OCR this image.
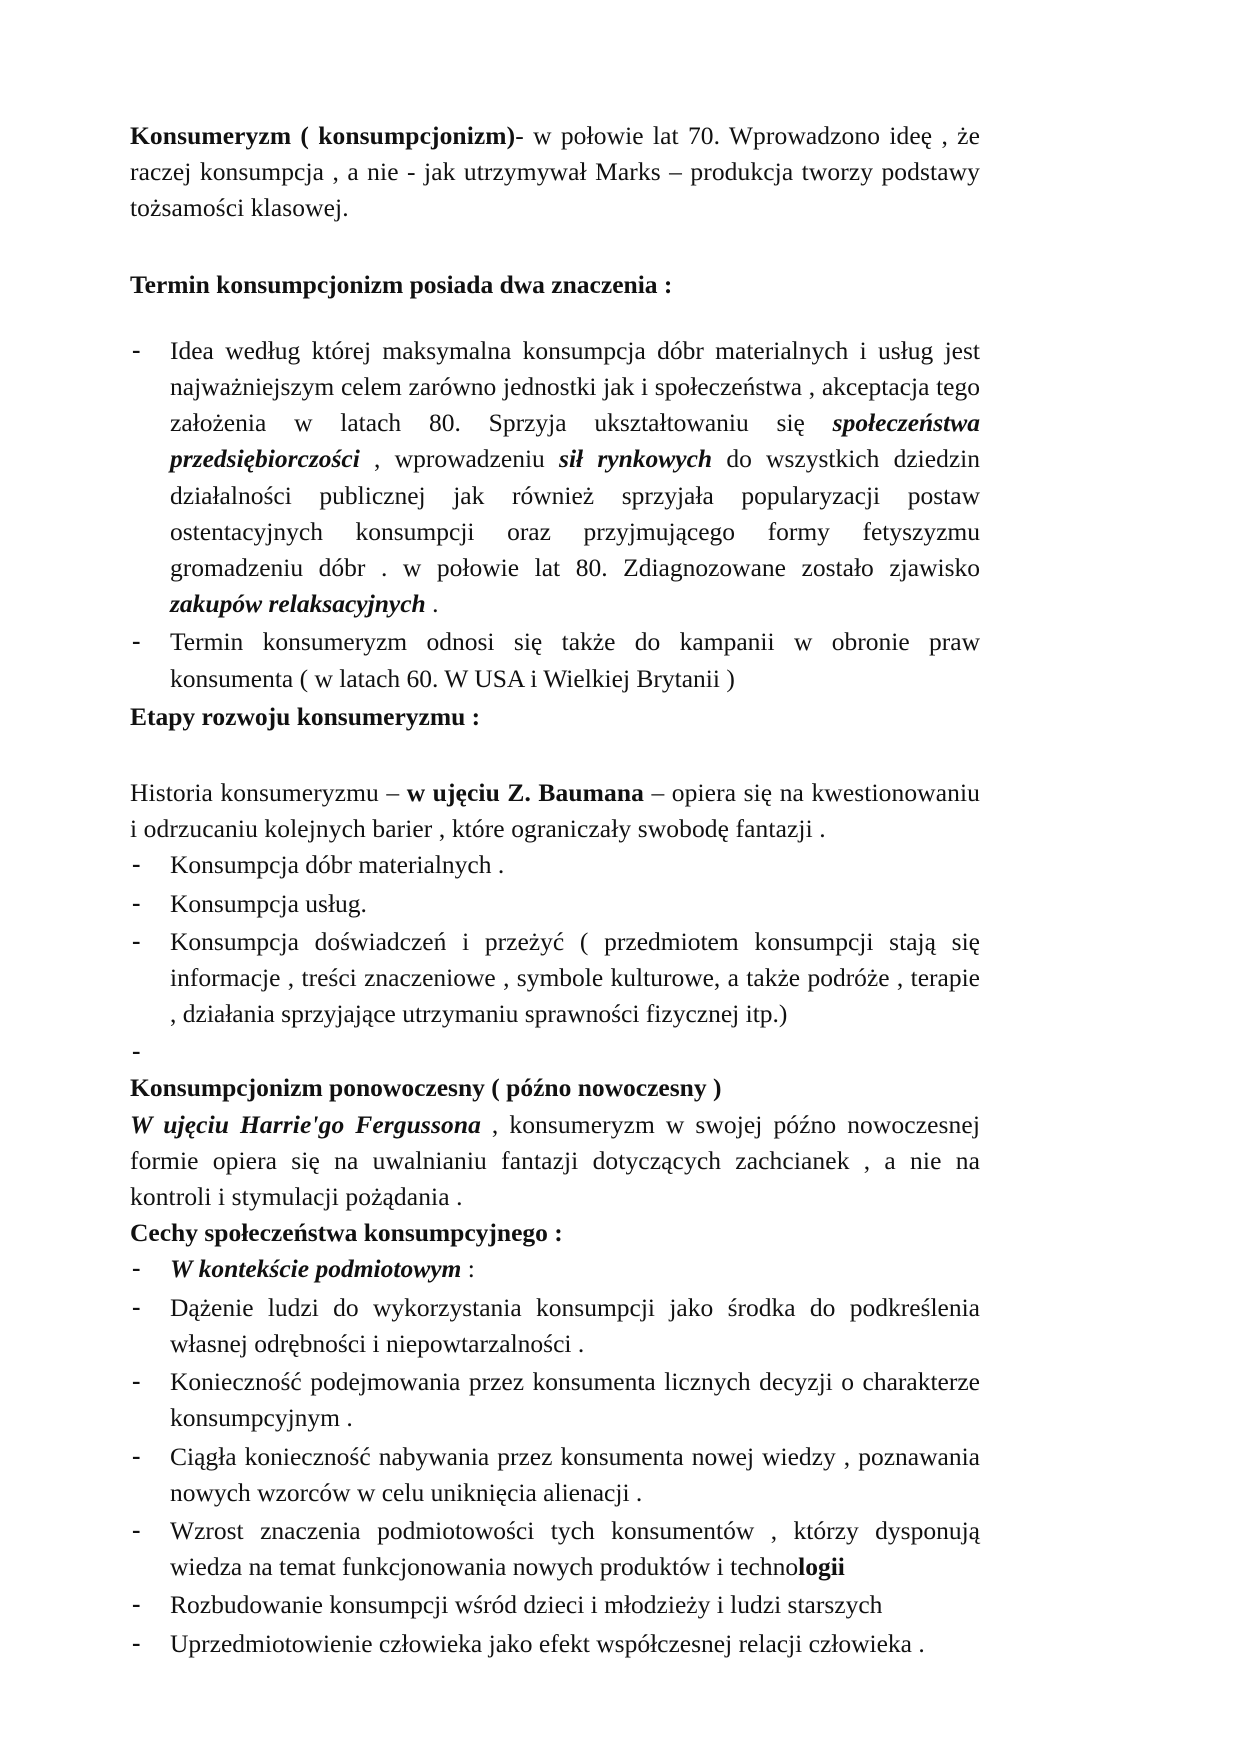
Konsumeryzm ( konsumpcjonizm)- w połowie lat 70. Wprowadzono ideę , że raczej konsumpcja , a nie - jak utrzymywał Marks – produkcja tworzy podstawy tożsamości klasowej.

Termin konsumpcjonizm posiada dwa znaczenia :

- Idea według której maksymalna konsumpcja dóbr materialnych i usług jest najważniejszym celem zarówno jednostki jak i społeczeństwa , akceptacja tego założenia w latach 80. Sprzyja ukształtowaniu się społeczeństwa przedsiębiorczości , wprowadzeniu sił rynkowych do wszystkich dziedzin działalności publicznej jak również sprzyjała popularyzacji postaw ostentacyjnych konsumpcji oraz przyjmującego formy fetyszyzmu gromadzeniu dóbr . w połowie lat 80. Zdiagnozowane zostało zjawisko zakupów relaksacyjnych .
- Termin konsumeryzm odnosi się także do kampanii w obronie praw konsumenta ( w latach 60. W USA i Wielkiej Brytanii )

Etapy rozwoju konsumeryzmu :

Historia konsumeryzmu – w ujęciu Z. Baumana – opiera się na kwestionowaniu i odrzucaniu kolejnych barier , które ograniczały swobodę fantazji .

- Konsumpcja dóbr materialnych .
- Konsumpcja usług.
- Konsumpcja doświadczeń i przeżyć ( przedmiotem konsumpcji stają się informacje , treści znaczeniowe , symbole kulturowe, a także podróże , terapie , działania sprzyjające utrzymaniu sprawności fizycznej itp.)
-

Konsumpcjonizm ponowoczesny ( późno nowoczesny )

W ujęciu Harrie'go Fergussona , konsumeryzm w swojej późno nowoczesnej formie opiera się na uwalnianiu fantazji dotyczących zachcianek , a nie na kontroli i stymulacji pożądania .

Cechy społeczeństwa konsumpcyjnego :

- W kontekście podmiotowym :
- Dążenie ludzi do wykorzystania konsumpcji jako środka do podkreślenia własnej odrębności i niepowtarzalności .
- Konieczność podejmowania przez konsumenta licznych decyzji o charakterze konsumpcyjnym .
- Ciągła konieczność nabywania przez konsumenta nowej wiedzy , poznawania nowych wzorców w celu uniknięcia alienacji .
- Wzrost znaczenia podmiotowości tych konsumentów , którzy dysponują wiedza na temat funkcjonowania nowych produktów i technologii
- Rozbudowanie konsumpcji wśród dzieci i młodzieży i ludzi starszych
- Uprzedmiotowienie człowieka jako efekt współczesnej relacji człowieka .
